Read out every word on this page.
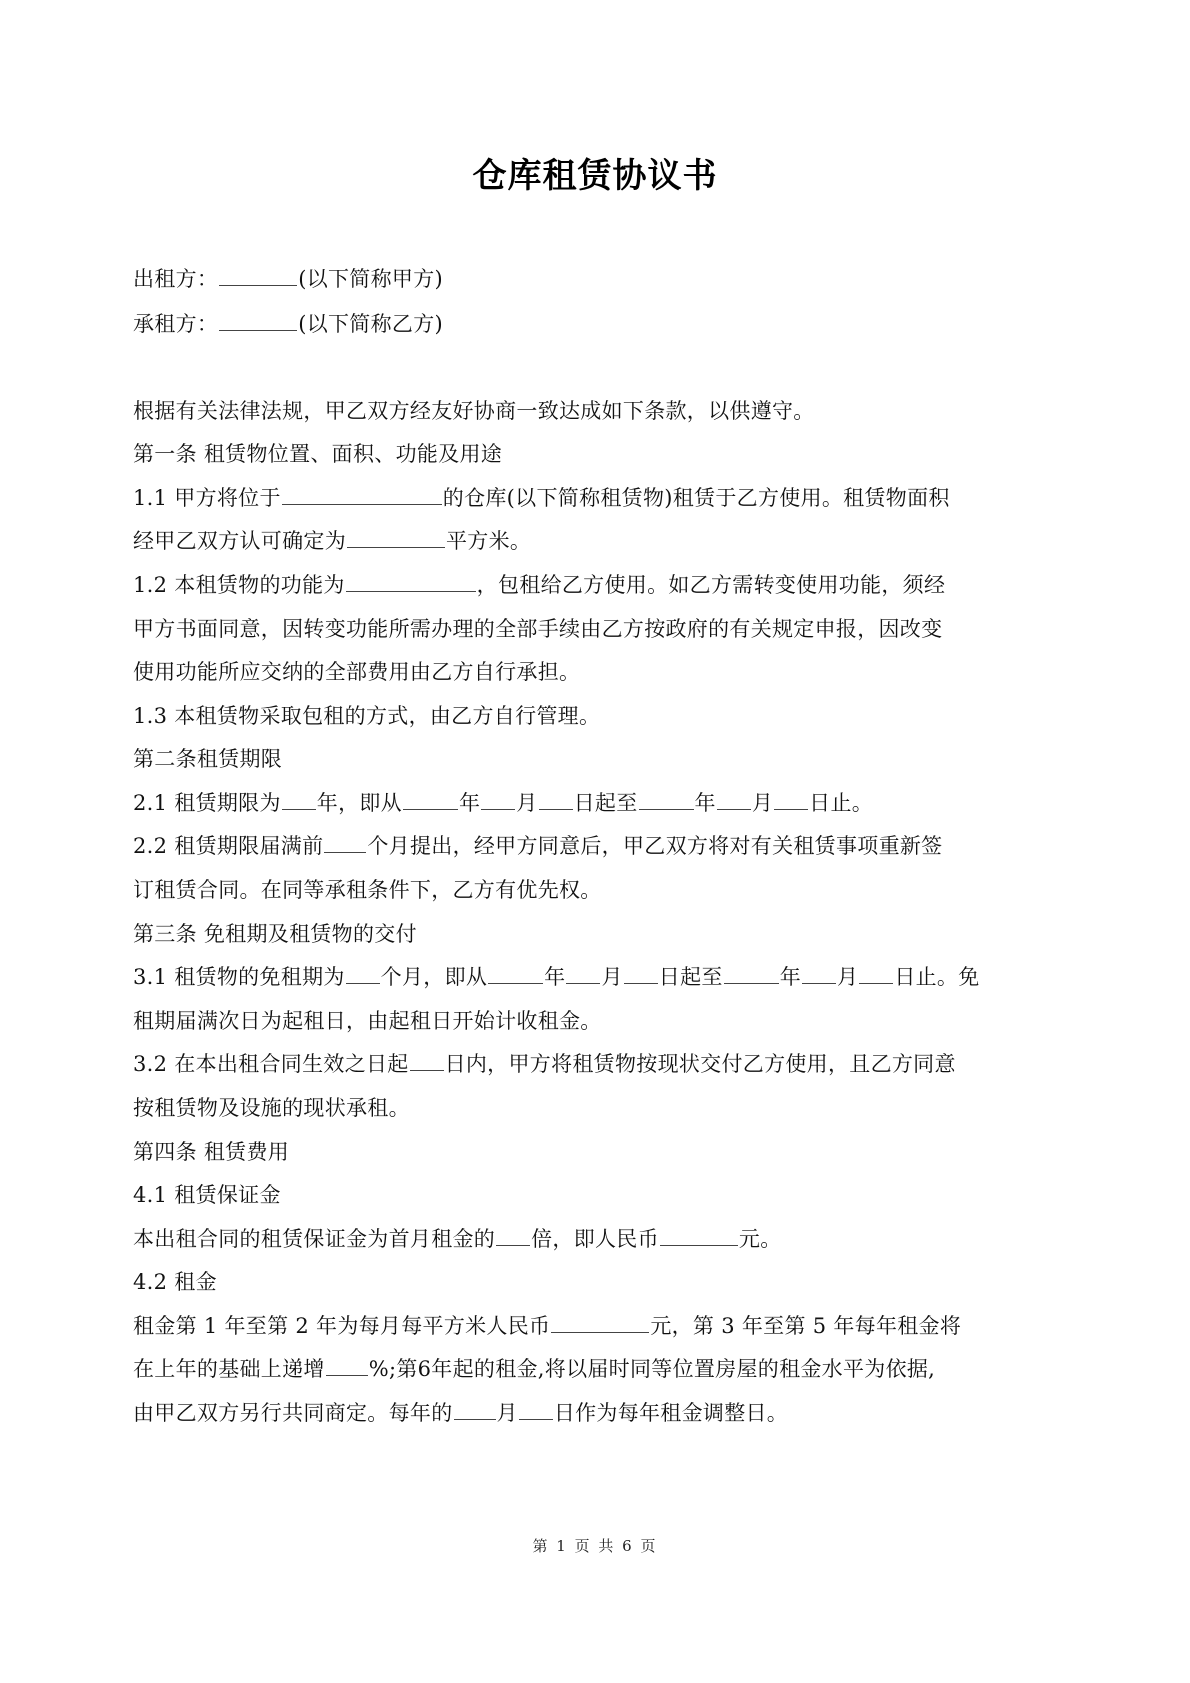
仓库租赁协议书
出租方：	(以下简称甲方)
承租方：	(以下简称乙方)
根据有关法律法规，甲乙双方经友好协商一致达成如下条款，以供遵守。
第一条 租赁物位置、面积、功能及用途
1.1 甲方将位于	的仓库(以下简称租赁物)租赁于乙方使用。租赁物面积
经甲乙双方认可确定为	平方米。
1.2 本租赁物的功能为	，包租给乙方使用。如乙方需转变使用功能，须经
甲方书面同意，因转变功能所需办理的全部手续由乙方按政府的有关规定申报，因改变
使用功能所应交纳的全部费用由乙方自行承担。
1.3 本租赁物采取包租的方式，由乙方自行管理。
第二条租赁期限
2.1 租赁期限为 年，即从	年 月 日起至	年 月 日止。
2.2 租赁期限届满前 个月提出，经甲方同意后，甲乙双方将对有关租赁事项重新签
订租赁合同。在同等承租条件下，乙方有优先权。
第三条 免租期及租赁物的交付
3.1 租赁物的免租期为 个月，即从	年 月 日起至	年 月 日止。免
租期届满次日为起租日，由起租日开始计收租金。
3.2 在本出租合同生效之日起 日内，甲方将租赁物按现状交付乙方使用，且乙方同意
按租赁物及设施的现状承租。
第四条 租赁费用
4.1 租赁保证金
本出租合同的租赁保证金为首月租金的 倍，即人民币	元。
4.2 租金
租金第 1 年至第 2 年为每月每平方米人民币	元，第 3 年至第 5 年每年租金将
在上年的基础上递增 %;第6年起的租金,将以届时同等位置房屋的租金水平为依据,
由甲乙双方另行共同商定。每年的 月 日作为每年租金调整日。
第 1 页 共 6 页
